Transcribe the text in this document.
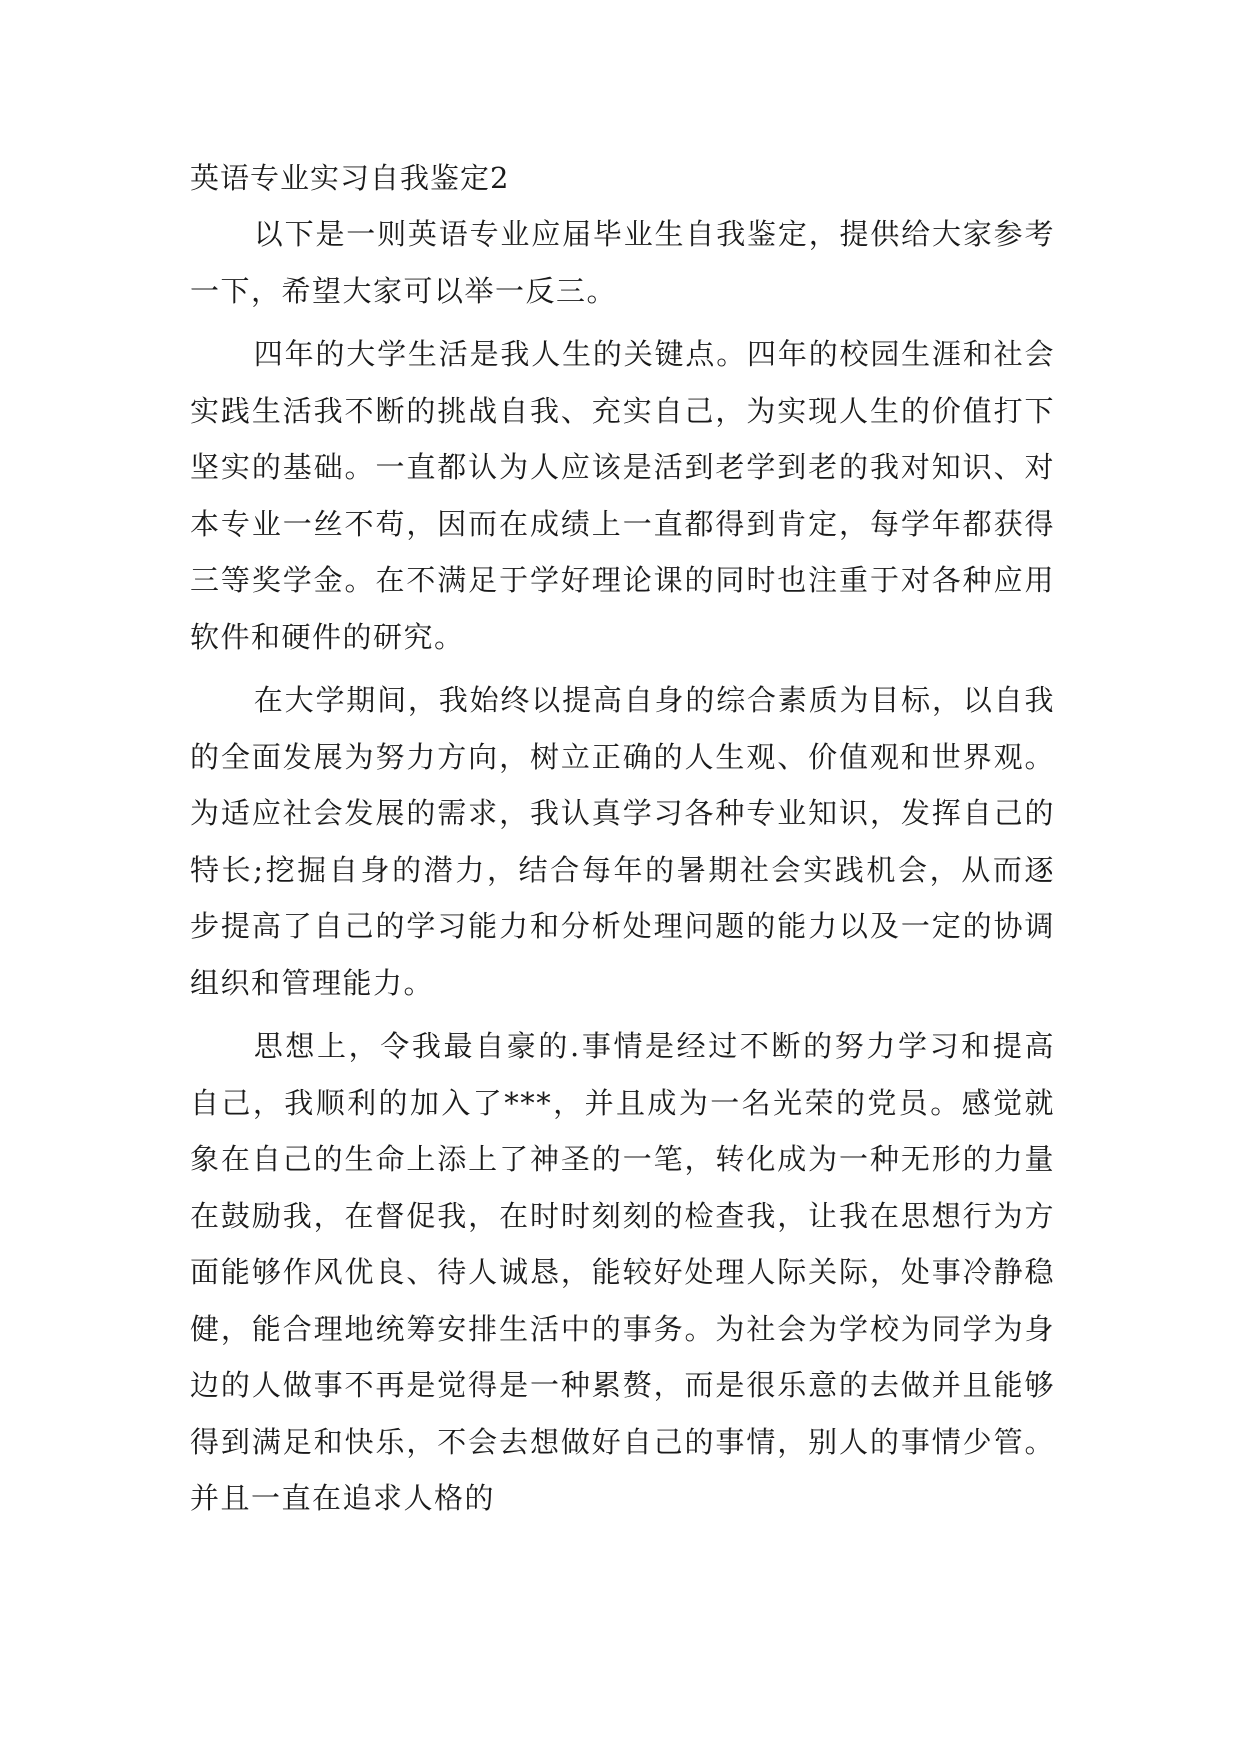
英语专业实习自我鉴定2

以下是一则英语专业应届毕业生自我鉴定，提供给大家参考一下，希望大家可以举一反三。

四年的大学生活是我人生的关键点。四年的校园生涯和社会实践生活我不断的挑战自我、充实自己，为实现人生的价值打下坚实的基础。一直都认为人应该是活到老学到老的我对知识、对本专业一丝不苟，因而在成绩上一直都得到肯定，每学年都获得三等奖学金。在不满足于学好理论课的同时也注重于对各种应用软件和硬件的研究。

在大学期间，我始终以提高自身的综合素质为目标，以自我的全面发展为努力方向，树立正确的人生观、价值观和世界观。为适应社会发展的需求，我认真学习各种专业知识，发挥自己的特长;挖掘自身的潜力，结合每年的暑期社会实践机会，从而逐步提高了自己的学习能力和分析处理问题的能力以及一定的协调组织和管理能力。

思想上，令我最自豪的.事情是经过不断的努力学习和提高自己，我顺利的加入了***，并且成为一名光荣的党员。感觉就象在自己的生命上添上了神圣的一笔，转化成为一种无形的力量在鼓励我，在督促我，在时时刻刻的检查我，让我在思想行为方面能够作风优良、待人诚恳，能较好处理人际关际，处事冷静稳健，能合理地统筹安排生活中的事务。为社会为学校为同学为身边的人做事不再是觉得是一种累赘，而是很乐意的去做并且能够得到满足和快乐，不会去想做好自己的事情，别人的事情少管。并且一直在追求人格的
